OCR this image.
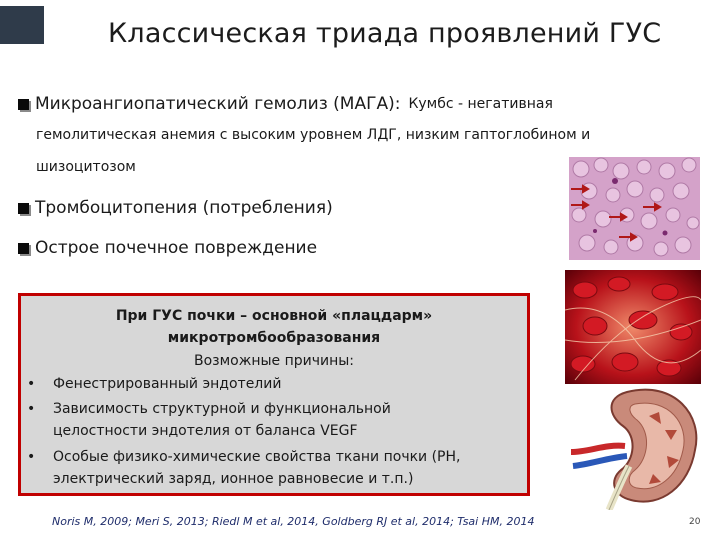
Классическая триада проявлений ГУС
Микроангиопатический гемолиз (МАГА): Кумбс - негативная
гемолитическая анемия с высоким уровнем ЛДГ, низким гаптоглобином и
шизоцитозом
Тромбоцитопения (потребления)
Острое почечное повреждение
При ГУС почки – основной «плацдарм»
микротромбообразования
Возможные причины:
• Фенестрированный эндотелий
• Зависимость структурной и функциональной
целостности эндотелия от баланса VEGF
• Особые физико-химические свойства ткани почки (РН,
электрический заряд, ионное равновесие и т.п.)
Noris M, 2009; Meri S, 2013; Riedl M et al, 2014, Goldberg RJ et al, 2014; Tsai HM, 2014	20
